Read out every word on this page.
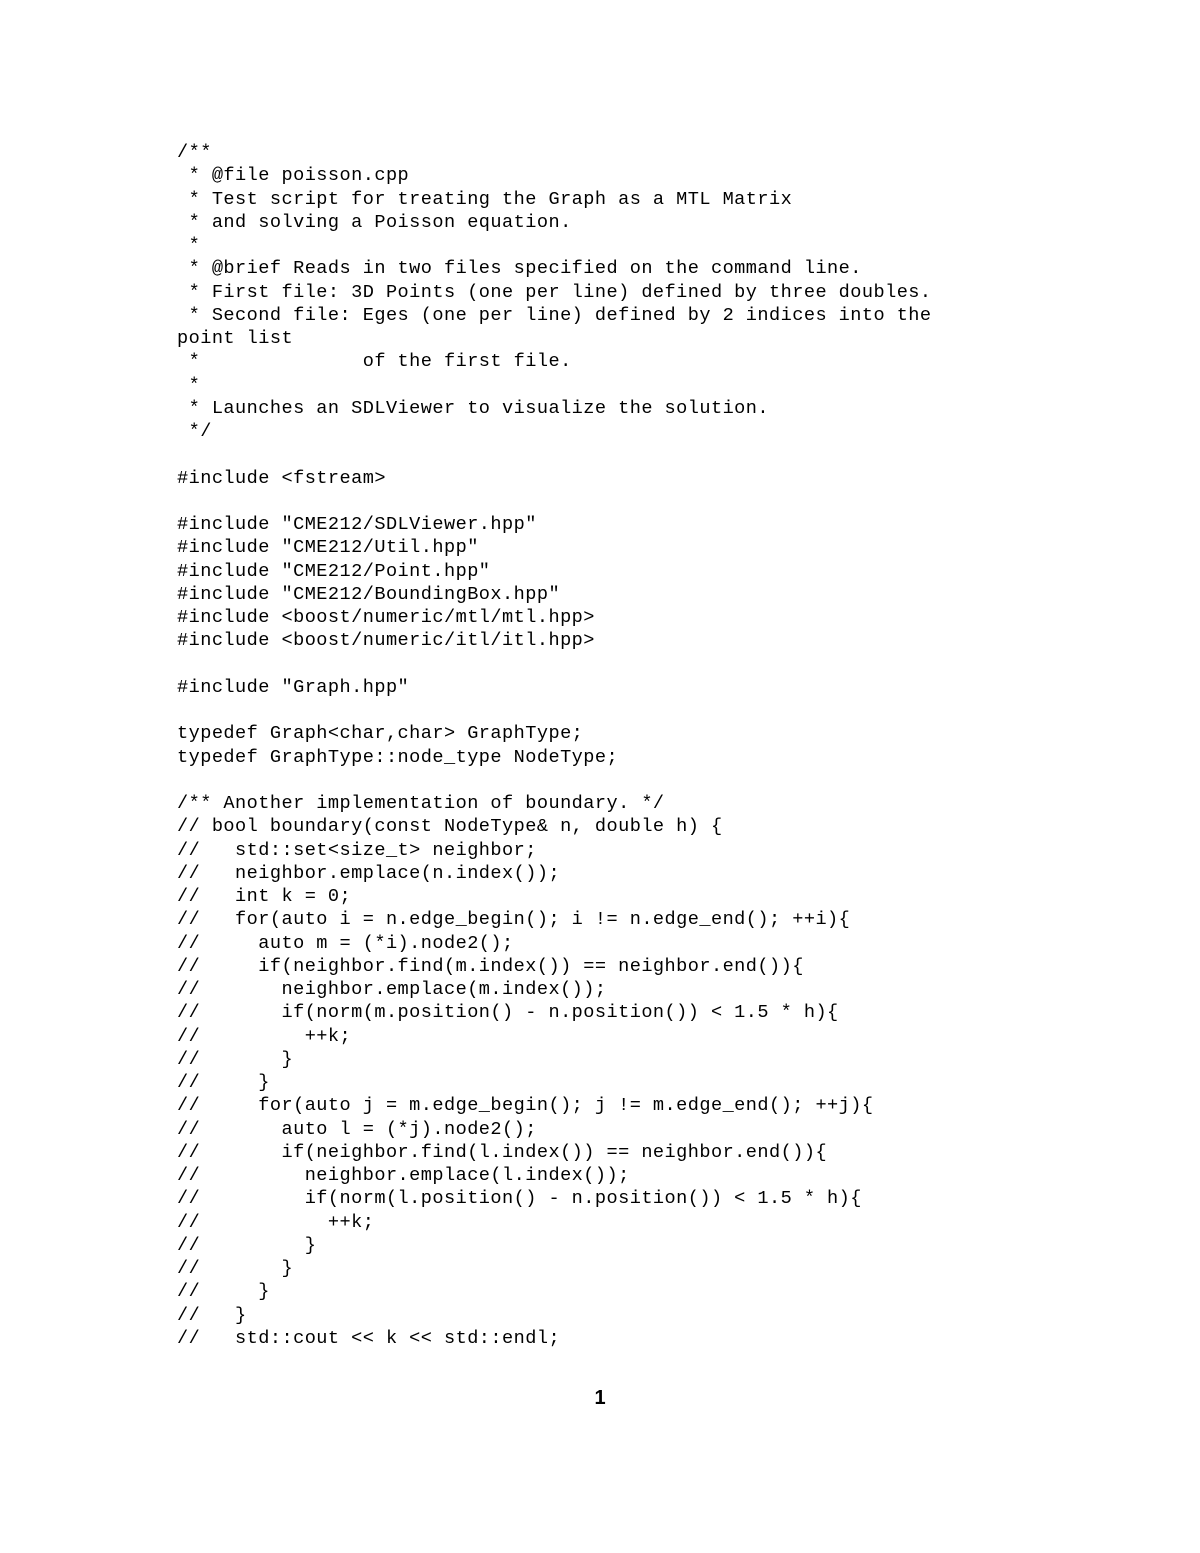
/**
* @file poisson.cpp
* Test script for treating the Graph as a MTL Matrix
* and solving a Poisson equation.
*
* @brief Reads in two files specified on the command line.
* First file: 3D Points (one per line) defined by three doubles.
* Second file: Eges (one per line) defined by 2 indices into the
point list
*              of the first file.
*
* Launches an SDLViewer to visualize the solution.
*/
#include <fstream>
#include "CME212/SDLViewer.hpp"
#include "CME212/Util.hpp"
#include "CME212/Point.hpp"
#include "CME212/BoundingBox.hpp"
#include <boost/numeric/mtl/mtl.hpp>
#include <boost/numeric/itl/itl.hpp>
#include "Graph.hpp"
typedef Graph<char,char> GraphType;
typedef GraphType::node_type NodeType;
/** Another implementation of boundary. */
// bool boundary(const NodeType& n, double h) {
//   std::set<size_t> neighbor;
//   neighbor.emplace(n.index());
//   int k = 0;
//   for(auto i = n.edge_begin(); i != n.edge_end(); ++i){
//     auto m = (*i).node2();
//     if(neighbor.find(m.index()) == neighbor.end()){
//       neighbor.emplace(m.index());
//       if(norm(m.position() - n.position()) < 1.5 * h){
//         ++k;
//       }
//     }
//     for(auto j = m.edge_begin(); j != m.edge_end(); ++j){
//       auto l = (*j).node2();
//       if(neighbor.find(l.index()) == neighbor.end()){
//         neighbor.emplace(l.index());
//         if(norm(l.position() - n.position()) < 1.5 * h){
//           ++k;
//         }
//       }
//     }
//   }
//   std::cout << k << std::endl;
1
